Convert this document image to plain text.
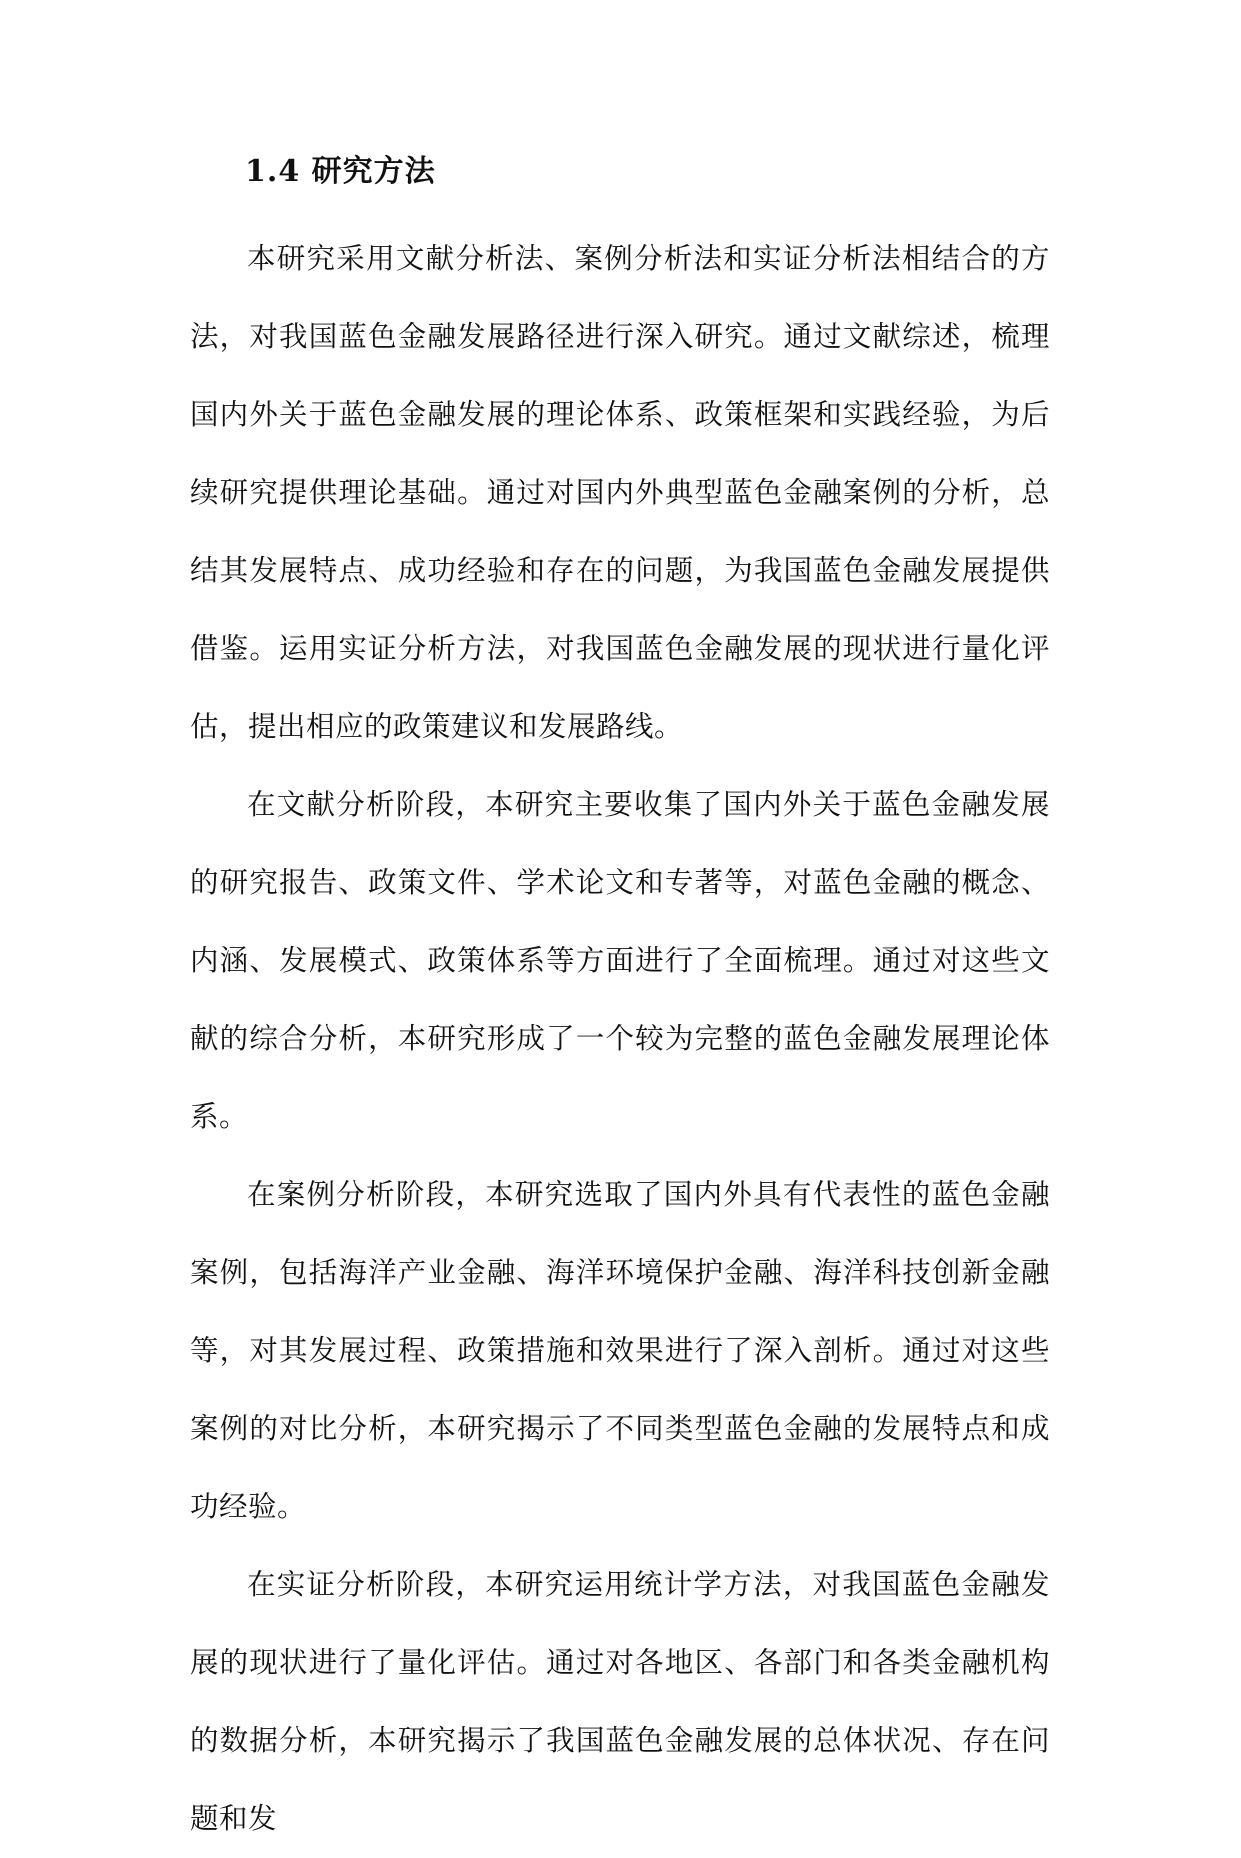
1.4 研究方法

本研究采用文献分析法、案例分析法和实证分析法相结合的方法，对我国蓝色金融发展路径进行深入研究。通过文献综述，梳理国内外关于蓝色金融发展的理论体系、政策框架和实践经验，为后续研究提供理论基础。通过对国内外典型蓝色金融案例的分析，总结其发展特点、成功经验和存在的问题，为我国蓝色金融发展提供借鉴。运用实证分析方法，对我国蓝色金融发展的现状进行量化评估，提出相应的政策建议和发展路线。

在文献分析阶段，本研究主要收集了国内外关于蓝色金融发展的研究报告、政策文件、学术论文和专著等，对蓝色金融的概念、内涵、发展模式、政策体系等方面进行了全面梳理。通过对这些文献的综合分析，本研究形成了一个较为完整的蓝色金融发展理论体系。

在案例分析阶段，本研究选取了国内外具有代表性的蓝色金融案例，包括海洋产业金融、海洋环境保护金融、海洋科技创新金融等，对其发展过程、政策措施和效果进行了深入剖析。通过对这些案例的对比分析，本研究揭示了不同类型蓝色金融的发展特点和成功经验。

在实证分析阶段，本研究运用统计学方法，对我国蓝色金融发展的现状进行了量化评估。通过对各地区、各部门和各类金融机构的数据分析，本研究揭示了我国蓝色金融发展的总体状况、存在问题和发
